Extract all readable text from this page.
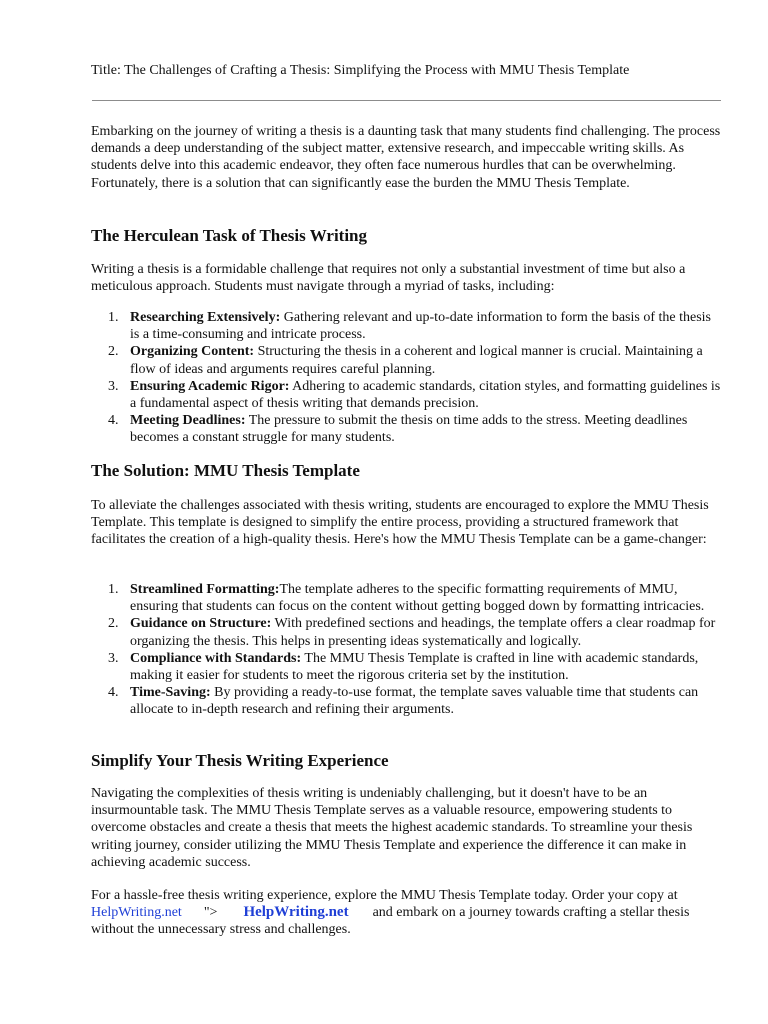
Title: The Challenges of Crafting a Thesis: Simplifying the Process with MMU Thesis Template

Embarking on the journey of writing a thesis is a daunting task that many students find challenging. The process demands a deep understanding of the subject matter, extensive research, and impeccable writing skills. As students delve into this academic endeavor, they often face numerous hurdles that can be overwhelming. Fortunately, there is a solution that can significantly ease the burden the MMU Thesis Template.

The Herculean Task of Thesis Writing

Writing a thesis is a formidable challenge that requires not only a substantial investment of time but also a meticulous approach. Students must navigate through a myriad of tasks, including:

1. Researching Extensively: Gathering relevant and up-to-date information to form the basis of the thesis is a time-consuming and intricate process.
2. Organizing Content: Structuring the thesis in a coherent and logical manner is crucial. Maintaining a flow of ideas and arguments requires careful planning.
3. Ensuring Academic Rigor: Adhering to academic standards, citation styles, and formatting guidelines is a fundamental aspect of thesis writing that demands precision.
4. Meeting Deadlines: The pressure to submit the thesis on time adds to the stress. Meeting deadlines becomes a constant struggle for many students.
The Solution: MMU Thesis Template

To alleviate the challenges associated with thesis writing, students are encouraged to explore the MMU Thesis Template. This template is designed to simplify the entire process, providing a structured framework that facilitates the creation of a high-quality thesis. Here's how the MMU Thesis Template can be a game-changer:

1. Streamlined Formatting:The template adheres to the specific formatting requirements of MMU, ensuring that students can focus on the content without getting bogged down by formatting intricacies.
2. Guidance on Structure: With predefined sections and headings, the template offers a clear roadmap for organizing the thesis. This helps in presenting ideas systematically and logically.
3. Compliance with Standards: The MMU Thesis Template is crafted in line with academic standards, making it easier for students to meet the rigorous criteria set by the institution.
4. Time-Saving: By providing a ready-to-use format, the template saves valuable time that students can allocate to in-depth research and refining their arguments.
Simplify Your Thesis Writing Experience

Navigating the complexities of thesis writing is undeniably challenging, but it doesn't have to be an insurmountable task. The MMU Thesis Template serves as a valuable resource, empowering students to overcome obstacles and create a thesis that meets the highest academic standards. To streamline your thesis writing journey, consider utilizing the MMU Thesis Template and experience the difference it can make in achieving academic success.

For a hassle-free thesis writing experience, explore the MMU Thesis Template today. Order your copy at HelpWriting.net "> HelpWriting.net and embark on a journey towards crafting a stellar thesis without the unnecessary stress and challenges.
